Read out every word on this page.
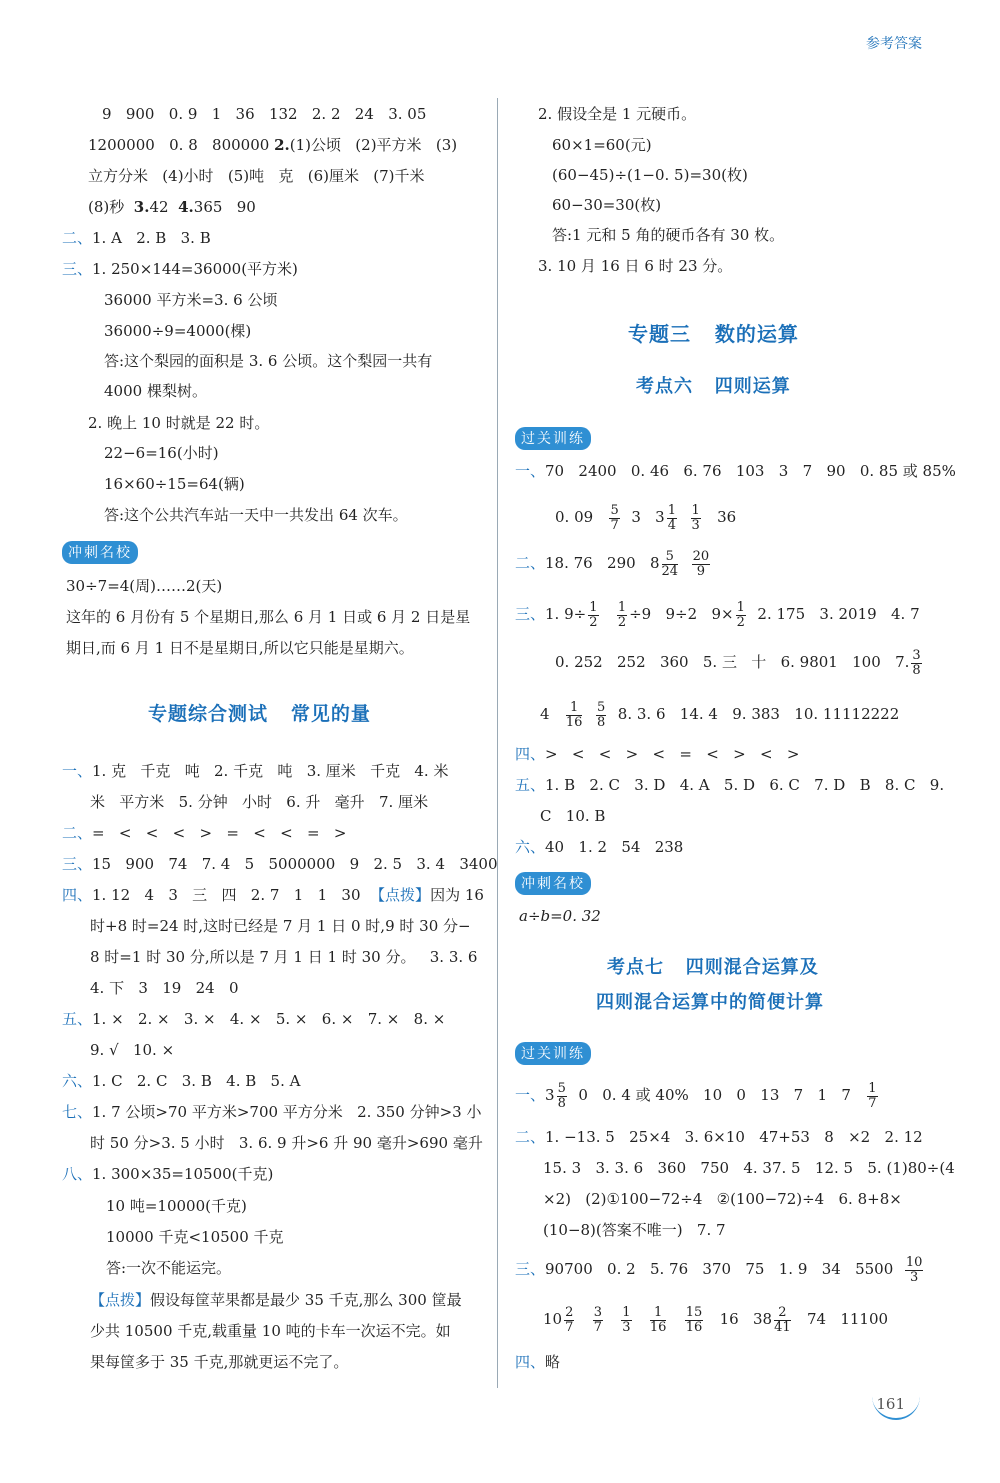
参考答案
9   900   0. 9   1   36   132   2. 2   24   3. 05
1200000   0. 8   800000 2.(1)公顷   (2)平方米   (3)
立方分米   (4)小时   (5)吨   克   (6)厘米   (7)千米
(8)秒 3.42 4.365   90
二、1. A   2. B   3. B
三、1. 250×144=36000(平方米)
36000 平方米=3. 6 公顷
36000÷9=4000(棵)
答:这个梨园的面积是 3. 6 公顷。这个梨园一共有
4000 棵梨树。
2. 晚上 10 时就是 22 时。
22−6=16(小时)
16×60÷15=64(辆)
答:这个公共汽车站一天中一共发出 64 次车。
冲刺名校
30÷7=4(周)……2(天)
这年的 6 月份有 5 个星期日,那么 6 月 1 日或 6 月 2 日是星
期日,而 6 月 1 日不是星期日,所以它只能是星期六。
专题综合测试   常见的量
一、1. 克   千克   吨   2. 千克   吨   3. 厘米   千克   4. 米
米   平方米   5. 分钟   小时   6. 升   毫升   7. 厘米
二、=   <   <   <   >   =   <   <   =   >
三、15   900   74   7. 4   5   5000000   9   2. 5   3. 4   3400
四、1. 12   4   3   三   四   2. 7   1   1   30  【点拨】因为 16
时+8 时=24 时,这时已经是 7 月 1 日 0 时,9 时 30 分−
8 时=1 时 30 分,所以是 7 月 1 日 1 时 30 分。   3. 3. 6
4. 下   3   19   24   0
五、1. ×   2. ×   3. ×   4. ×   5. ×   6. ×   7. ×   8. ×
9. √   10. ×
六、1. C   2. C   3. B   4. B   5. A
七、1. 7 公顷>70 平方米>700 平方分米   2. 350 分钟>3 小
时 50 分>3. 5 小时   3. 6. 9 升>6 升 90 毫升>690 毫升
八、1. 300×35=10500(千克)
10 吨=10000(千克)
10000 千克<10500 千克
答:一次不能运完。
【点拨】假设每筐苹果都是最少 35 千克,那么 300 筐最
少共 10500 千克,载重量 10 吨的卡车一次运不完。如
果每筐多于 35 千克,那就更运不完了。
2. 假设全是 1 元硬币。
60×1=60(元)
(60−45)÷(1−0. 5)=30(枚)
60−30=30(枚)
答:1 元和 5 角的硬币各有 30 枚。
3. 10 月 16 日 6 时 23 分。
专题三   数的运算
考点六   四则运算
过关训练
一、70   2400   0. 46   6. 76   103   3   7   90   0. 85 或 85%
0. $09 \frac{5}{7} 3$   $3 \frac{1}{4}$
$\frac{1}{3} 36$
二、18. 76   290   $8 \frac{5}{24}$
$\frac{20}{9}$
三、1. $9\div \frac{1}{2}$
$\frac{1}{2} \div 9$   9÷2   $9\times \frac{1}{2} 2$. 175   3. 2019   4. 7
0. 252   252   360   5. 三   十   6. 9801   100   7. $\frac{3}{8}$
$4 \frac{1}{16}$
$\frac{5}{8} 8$. 3. 6   14. 4   9. 383   10. 11112222
四、>   <   <   >   <   =   <   >   <   >
五、1. B   2. C   3. D   4. A   5. D   6. C   7. D   B   8. C   9.
C   10. B
六、40   1. 2   54   238
冲刺名校
a÷b=0. 32
考点七   四则混合运算及
四则混合运算中的简便计算
过关训练
一、$3 \frac{5}{8} 0$   0. 4 或 40%   10   0   13   7   1   $7 \frac{1}{7}$
二、1. −13. 5   25×4   3. 6×10   47+53   8   ×2   2. 12
15. 3   3. 3. 6   360   750   4. 37. 5   12. 5   5. (1)80÷(4
×2)   (2)①100−72÷4   ②(100−72)÷4   6. 8+8×
(10−8)(答案不唯一)   7. 7
三、90700   0. 2   5. 76   370   75   1. 9   34   $5500 \frac{10}{3}$
$10 \frac{2}{7}$
$\frac{3}{7}$
$\frac{1}{3}$
$\frac{1}{16}$
$\frac{15}{16} 16$   $38 \frac{2}{41} 74$   11100
四、略
161
